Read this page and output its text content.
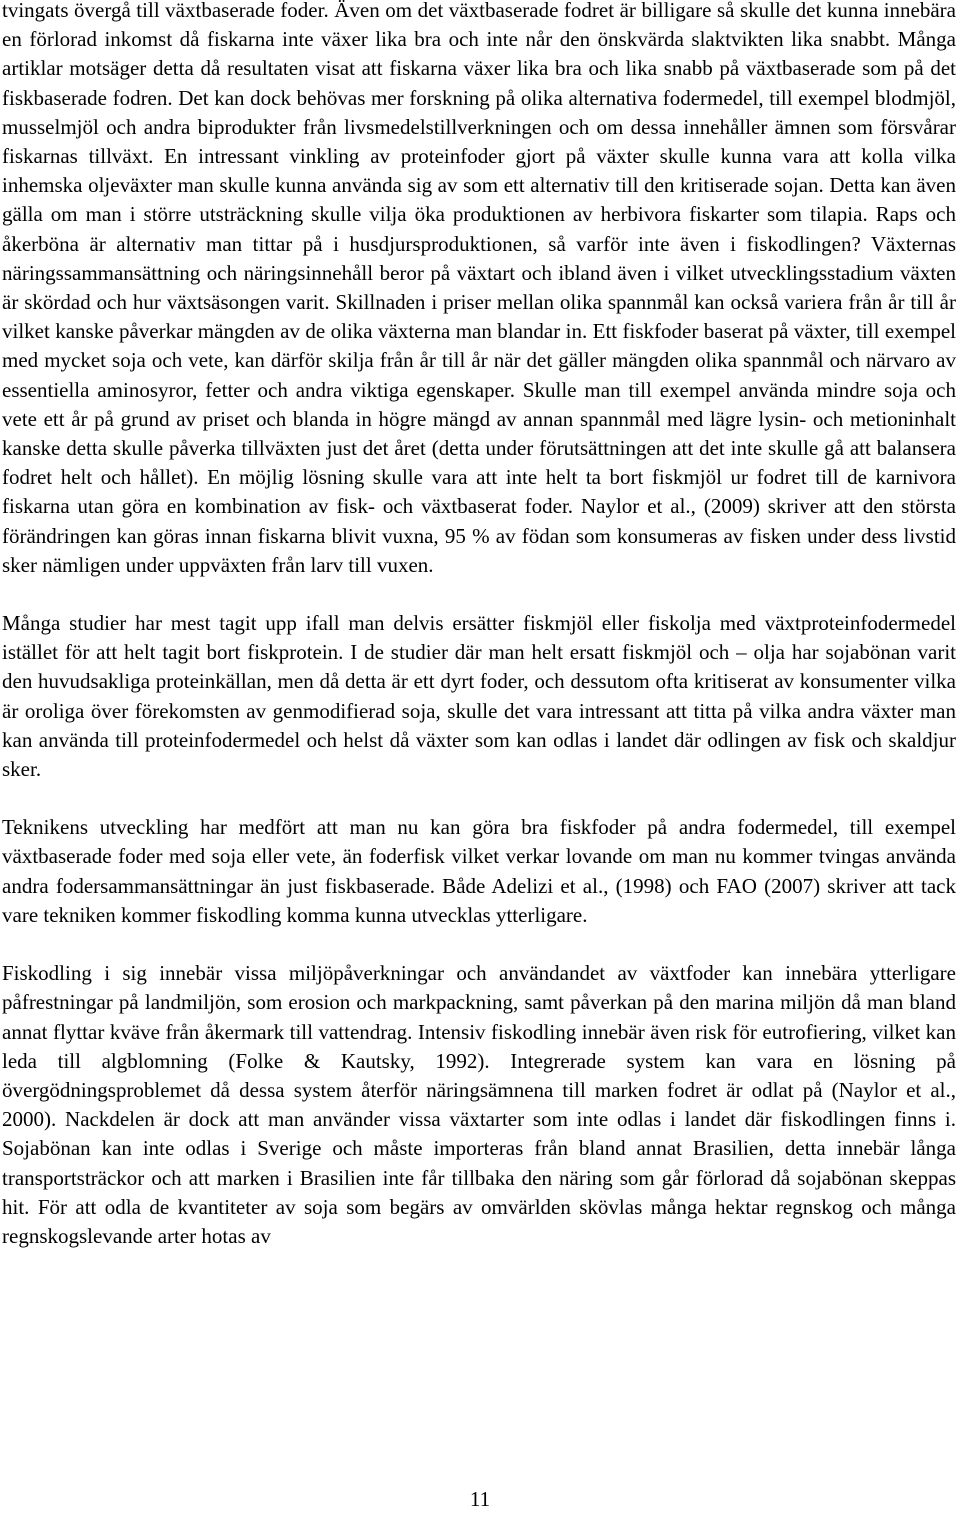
tvingats övergå till växtbaserade foder. Även om det växtbaserade fodret är billigare så skulle det kunna innebära en förlorad inkomst då fiskarna inte växer lika bra och inte når den önskvärda slaktvikten lika snabbt. Många artiklar motsäger detta då resultaten visat att fiskarna växer lika bra och lika snabb på växtbaserade som på det fiskbaserade fodren. Det kan dock behövas mer forskning på olika alternativa fodermedel, till exempel blodmjöl, musselmjöl och andra biprodukter från livsmedelstillverkningen och om dessa innehåller ämnen som försvårar fiskarnas tillväxt. En intressant vinkling av proteinfoder gjort på växter skulle kunna vara att kolla vilka inhemska oljeväxter man skulle kunna använda sig av som ett alternativ till den kritiserade sojan. Detta kan även gälla om man i större utsträckning skulle vilja öka produktionen av herbivora fiskarter som tilapia. Raps och åkerböna är alternativ man tittar på i husdjursproduktionen, så varför inte även i fiskodlingen? Växternas näringssammansättning och näringsinnehåll beror på växtart och ibland även i vilket utvecklingsstadium växten är skördad och hur växtsäsongen varit. Skillnaden i priser mellan olika spannmål kan också variera från år till år vilket kanske påverkar mängden av de olika växterna man blandar in. Ett fiskfoder baserat på växter, till exempel med mycket soja och vete, kan därför skilja från år till år när det gäller mängden olika spannmål och närvaro av essentiella aminosyror, fetter och andra viktiga egenskaper. Skulle man till exempel använda mindre soja och vete ett år på grund av priset och blanda in högre mängd av annan spannmål med lägre lysin- och metioninhalt kanske detta skulle påverka tillväxten just det året (detta under förutsättningen att det inte skulle gå att balansera fodret helt och hållet). En möjlig lösning skulle vara att inte helt ta bort fiskmjöl ur fodret till de karnivora fiskarna utan göra en kombination av fisk- och växtbaserat foder. Naylor et al., (2009) skriver att den största förändringen kan göras innan fiskarna blivit vuxna, 95 % av födan som konsumeras av fisken under dess livstid sker nämligen under uppväxten från larv till vuxen.

Många studier har mest tagit upp ifall man delvis ersätter fiskmjöl eller fiskolja med växtproteinfodermedel istället för att helt tagit bort fiskprotein. I de studier där man helt ersatt fiskmjöl och – olja har sojabönan varit den huvudsakliga proteinkällan, men då detta är ett dyrt foder, och dessutom ofta kritiserat av konsumenter vilka är oroliga över förekomsten av genmodifierad soja, skulle det vara intressant att titta på vilka andra växter man kan använda till proteinfodermedel och helst då växter som kan odlas i landet där odlingen av fisk och skaldjur sker.

Teknikens utveckling har medfört att man nu kan göra bra fiskfoder på andra fodermedel, till exempel växtbaserade foder med soja eller vete, än foderfisk vilket verkar lovande om man nu kommer tvingas använda andra fodersammansättningar än just fiskbaserade. Både Adelizi et al., (1998) och FAO (2007) skriver att tack vare tekniken kommer fiskodling komma kunna utvecklas ytterligare.

Fiskodling i sig innebär vissa miljöpåverkningar och användandet av växtfoder kan innebära ytterligare påfrestningar på landmiljön, som erosion och markpackning, samt påverkan på den marina miljön då man bland annat flyttar kväve från åkermark till vattendrag. Intensiv fiskodling innebär även risk för eutrofiering, vilket kan leda till algblomning (Folke & Kautsky, 1992). Integrerade system kan vara en lösning på övergödningsproblemet då dessa system återför näringsämnena till marken fodret är odlat på (Naylor et al., 2000). Nackdelen är dock att man använder vissa växtarter som inte odlas i landet där fiskodlingen finns i. Sojabönan kan inte odlas i Sverige och måste importeras från bland annat Brasilien, detta innebär långa transportsträckor och att marken i Brasilien inte får tillbaka den näring som går förlorad då sojabönan skeppas hit. För att odla de kvantiteter av soja som begärs av omvärlden skövlas många hektar regnskog och många regnskogslevande arter hotas av

11
